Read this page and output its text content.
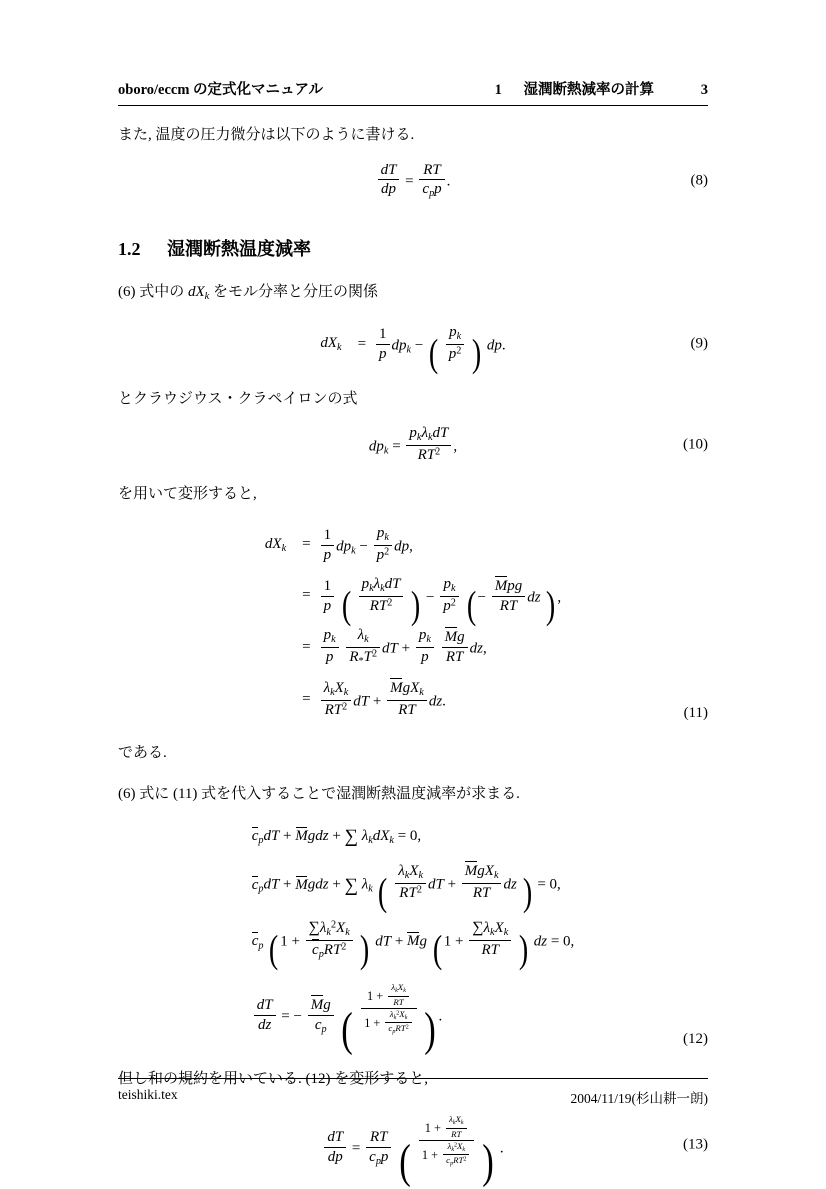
oboro/eccm の定式化マニュアル	1 湿潤断熱減率の計算	3

また, 温度の圧力微分は以下のように書ける.

$\frac{dT}{dp} = \frac{RT}{c_pp}$ .	(8)
1.2 湿潤断熱温度減率

(6) 式中の $dX_k$ をモル分率と分圧の関係

$dX_k$	=	$\frac{1}{p} dp_k$ − ( $\frac{p_k}{p^2}$ ) dp.	(9)

とクラウジウス・クラペイロンの式

$dp_k = \frac{p_k\lambda_kdT}{RT^2}$ ,	(10)

を用いて変形すると,

$dX_k$	=	$\frac{1}{p} dp_k - \frac{p_k}{p^2}$ dp,
	=	$\frac{1}{p}$ ( $\frac{p_k\lambda_kdT}{RT^2}$ ) − $\frac{p_k}{p^2}$ ( − $\frac{\text{Mpg}}{RT}$ dz ) ,
	=	$\frac{p_k}{p}$
$\frac{\lambda_k}{R_*T^2}$ dT + $\frac{p_k}{p}$
$\frac{Mg}{RT}$ dz,
	=	$\frac{\lambda_kX_k}{RT^2}$ dT + $\frac{MgX_k}{RT}$ dz.
(11)

である.

(6) 式に (11) 式を代入することで湿潤断熱温度減率が求まる.

$c_pdT$ + Mgdz + ∑ $\lambda_kdX_k = 0$,
$c_pdT$ + Mgdz + ∑ $\lambda_k$ ( $\frac{\lambda_kX_k}{RT^2}$ dT + $\frac{MgX_k}{RT}$ dz ) = 0,
$c_p$ ( $1 + \frac{\sum\lambda_k^2X_k}{c_pRT^2}$ ) dT + Mg ( $1 + \frac{\sum\lambda_kX_k}{RT}$ ) dz = 0,

$\frac{dT}{dz}$ = − $\frac{Mg}{c_p}$ ( $\frac{1 + \frac{\lambda_kX_k}{RT}}{1 + \frac{\lambda_k^2X_k}{c_pRT^2}}$ ) .
(12)

但し和の規約を用いている. (12) を変形すると,

$\frac{dT}{dp} = \frac{RT}{c_pp}$ ( $\frac{1 + \frac{\lambda_kX_k}{RT}}{1 + \frac{\lambda_k^2X_k}{c_pRT^2}}$ ) .	(13)
teishiki.tex	2004/11/19(杉山耕一朗)
